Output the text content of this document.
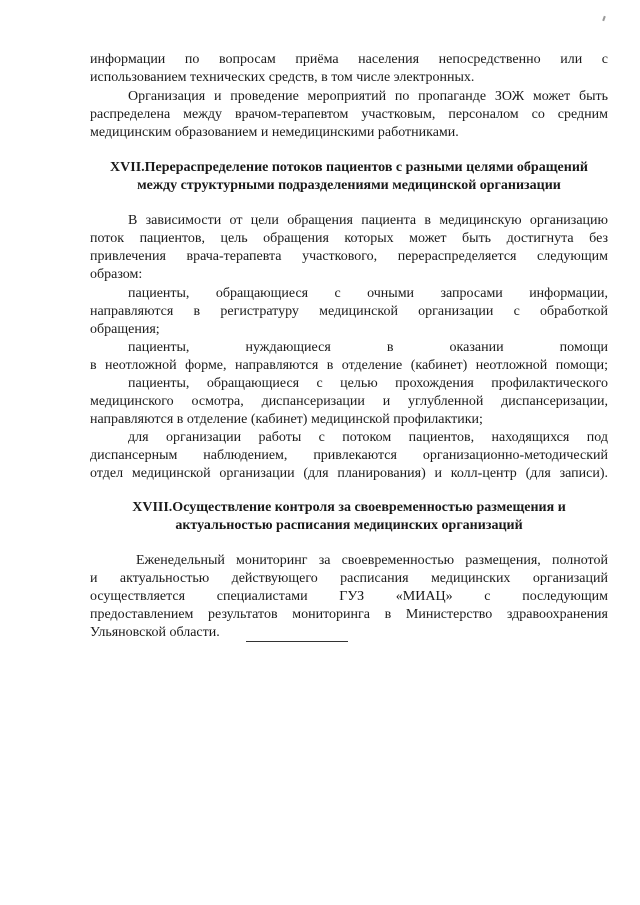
информации по вопросам приёма населения непосредственно или с
использованием технических средств, в том числе электронных.
Организация и проведение мероприятий по пропаганде ЗОЖ может быть
распределена между врачом-терапевтом участковым, персоналом со средним
медицинским образованием и немедицинскими работниками.
XVII.Перераспределение потоков пациентов с разными целями обращений
между структурными подразделениями медицинской организации
В зависимости от цели обращения пациента в медицинскую организацию
поток пациентов, цель обращения которых может быть достигнута без
привлечения врача-терапевта участкового, перераспределяется следующим
образом:
пациенты, обращающиеся с очными запросами информации,
направляются в регистратуру медицинской организации с обработкой
обращения;
пациенты, нуждающиеся в оказании помощи
в неотложной форме, направляются в отделение (кабинет) неотложной помощи;
пациенты, обращающиеся с целью прохождения профилактического
медицинского осмотра, диспансеризации и углубленной диспансеризации,
направляются в отделение (кабинет) медицинской профилактики;
для организации работы с потоком пациентов, находящихся под
диспансерным наблюдением, привлекаются организационно-методический
отдел медицинской организации (для планирования) и колл-центр (для записи).
XVIII.Осуществление контроля за своевременностью размещения и
актуальностью расписания медицинских организаций
Еженедельный мониторинг за своевременностью размещения, полнотой
и актуальностью действующего расписания медицинских организаций
осуществляется специалистами ГУЗ «МИАЦ» с последующим
предоставлением результатов мониторинга в Министерство здравоохранения
Ульяновской области.
